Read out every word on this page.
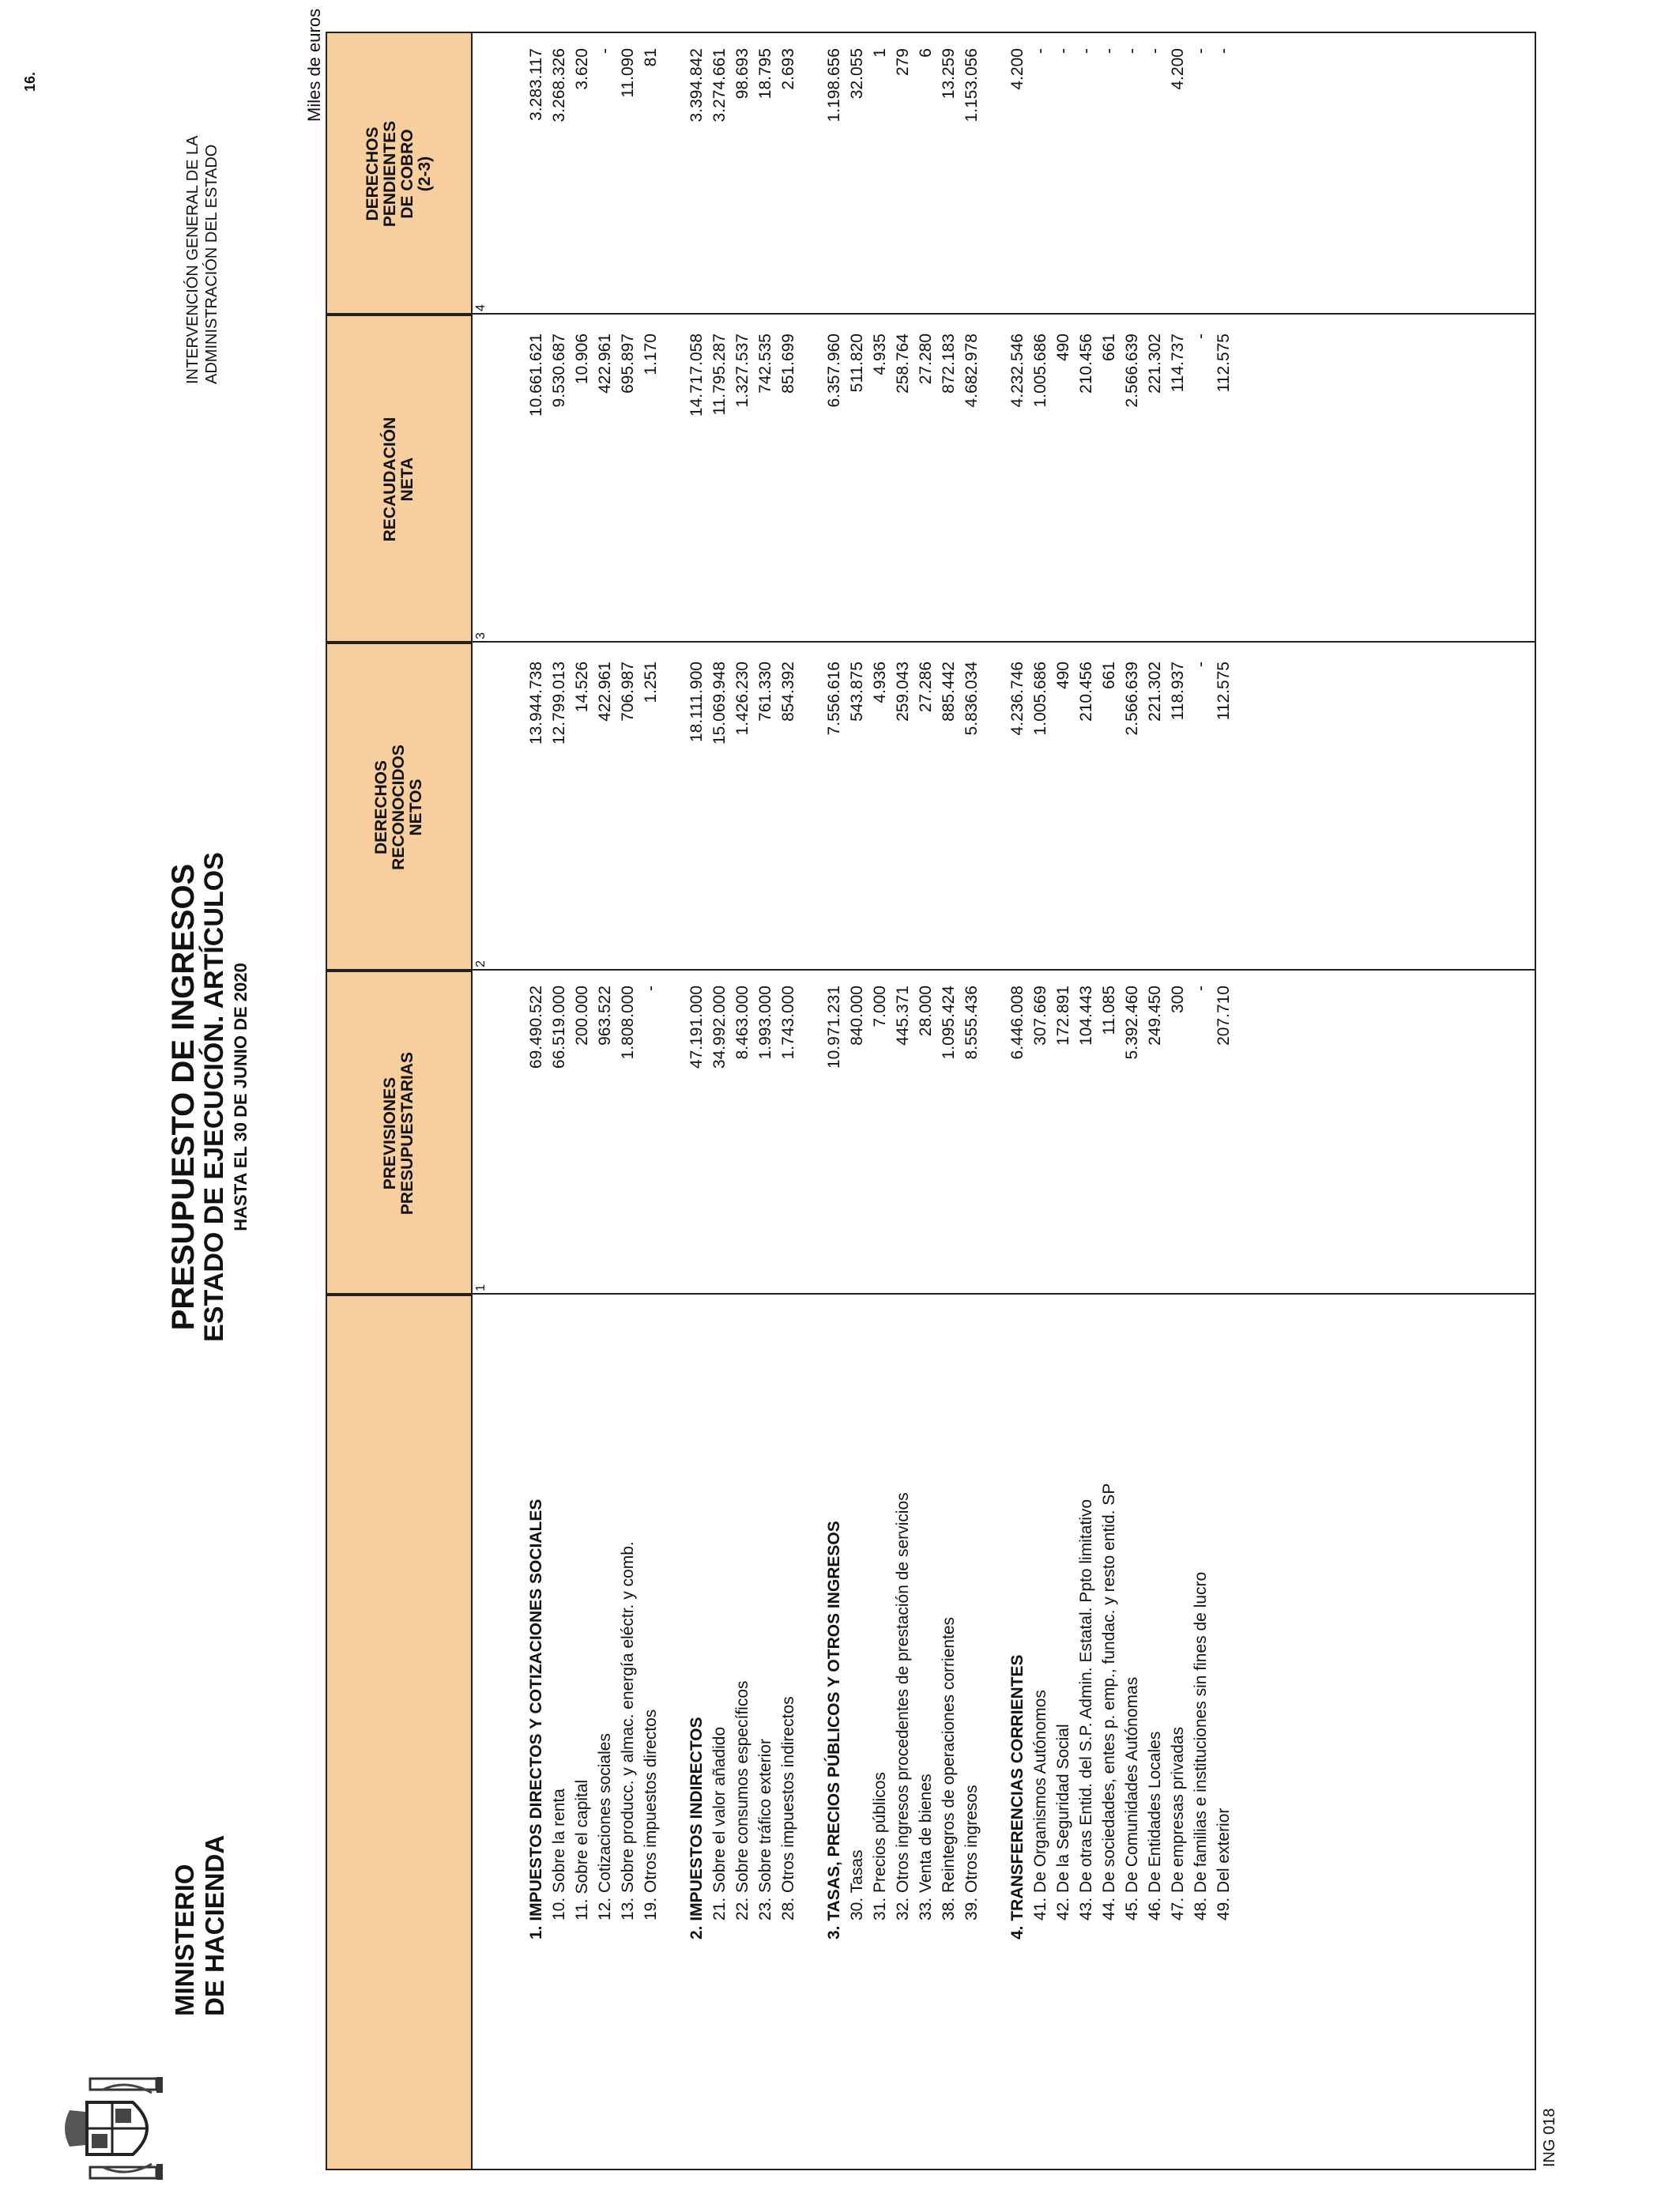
16.
MINISTERIO DE HACIENDA
PRESUPUESTO DE INGRESOS
ESTADO DE EJECUCIÓN. ARTÍCULOS HASTA EL 30 DE JUNIO DE 2020
INTERVENCIÓN GENERAL DE LA ADMINISTRACIÓN DEL ESTADO
Miles de euros
PREVISIONES
PRESUPUESTARIAS
DERECHOS
RECONOCIDOS
NETOS
RECAUDACIÓN
NETA
DERECHOS
PENDIENTES
DE COBRO
(2-3)
1
2
3
4
1. IMPUESTOS DIRECTOS Y COTIZACIONES SOCIALES
69.490.522
13.944.738
10.661.621
3.283.117
10. Sobre la renta
66.519.000
12.799.013
9.530.687
3.268.326
11. Sobre el capital
200.000
14.526
10.906
3.620
12. Cotizaciones sociales
963.522
422.961
422.961
-
13. Sobre producc. y almac. energía eléctr. y comb.
1.808.000
706.987
695.897
11.090
19. Otros impuestos directos
-
1.251
1.170
81
2. IMPUESTOS INDIRECTOS
47.191.000
18.111.900
14.717.058
3.394.842
21. Sobre el valor añadido
34.992.000
15.069.948
11.795.287
3.274.661
22. Sobre consumos específicos
8.463.000
1.426.230
1.327.537
98.693
23. Sobre tráfico exterior
1.993.000
761.330
742.535
18.795
28. Otros impuestos indirectos
1.743.000
854.392
851.699
2.693
3. TASAS, PRECIOS PÚBLICOS Y OTROS INGRESOS
10.971.231
7.556.616
6.357.960
1.198.656
30. Tasas
840.000
543.875
511.820
32.055
31. Precios públicos
7.000
4.936
4.935
1
32. Otros ingresos procedentes de prestación de servicios
445.371
259.043
258.764
279
33. Venta de bienes
28.000
27.286
27.280
6
38. Reintegros de operaciones corrientes
1.095.424
885.442
872.183
13.259
39. Otros ingresos
8.555.436
5.836.034
4.682.978
1.153.056
4. TRANSFERENCIAS CORRIENTES
6.446.008
4.236.746
4.232.546
4.200
41. De Organismos Autónomos
307.669
1.005.686
1.005.686
-
42. De la Seguridad Social
172.891
490
490
-
43. De otras Entid. del S.P. Admin. Estatal. Ppto limitativo
104.443
210.456
210.456
-
44. De sociedades, entes p. emp., fundac. y resto entid. SP
11.085
661
661
-
45. De Comunidades Autónomas
5.392.460
2.566.639
2.566.639
-
46. De Entidades Locales
249.450
221.302
221.302
-
47. De empresas privadas
300
118.937
114.737
4.200
48. De familias e instituciones sin fines de lucro
-
-
-
-
49. Del exterior
207.710
112.575
112.575
-
ING 018
